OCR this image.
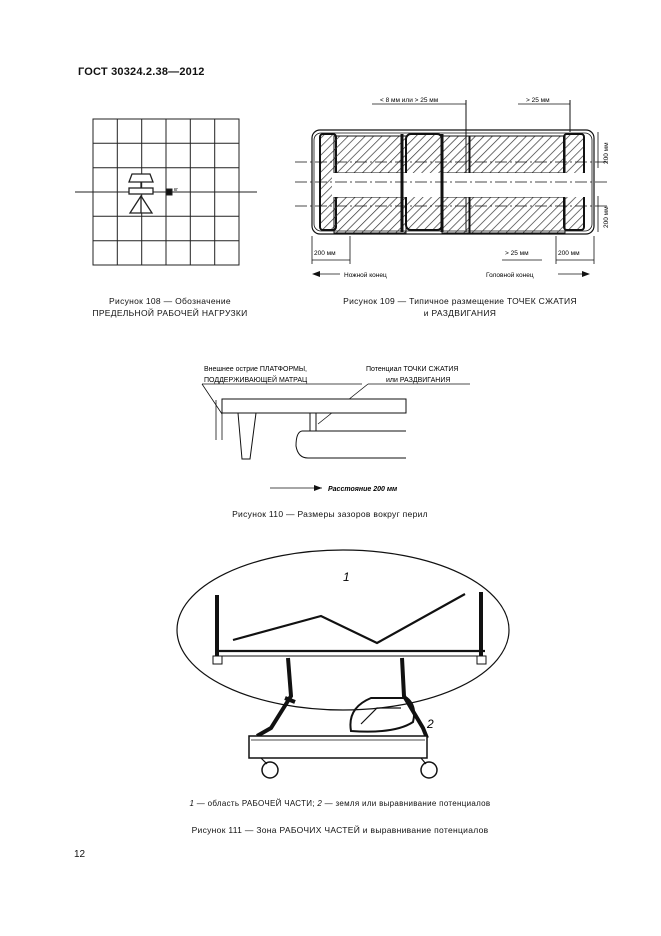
ГОСТ 30324.2.38—2012
кг
Рисунок 108 — Обозначение
ПРЕДЕЛЬНОЙ РАБОЧЕЙ НАГРУЗКИ
< 8 мм или > 25 мм	> 25 мм
200 мм
200 мм
200 мм	> 25 мм	200 мм
Ножной конец	Головной конец
Рисунок 109 — Типичное размещение ТОЧЕК СЖАТИЯ
и РАЗДВИГАНИЯ
Внешнее острие ПЛАТФОРМЫ,
ПОДДЕРЖИВАЮЩЕЙ МАТРАЦ
Потенциал ТОЧКИ СЖАТИЯ
или РАЗДВИГАНИЯ
Расстояние 200 мм
Рисунок 110 — Размеры зазоров вокруг перил
1
2
1 — область РАБОЧЕЙ ЧАСТИ; 2 — земля или выравнивание потенциалов
Рисунок 111 — Зона РАБОЧИХ ЧАСТЕЙ и выравнивание потенциалов
12
